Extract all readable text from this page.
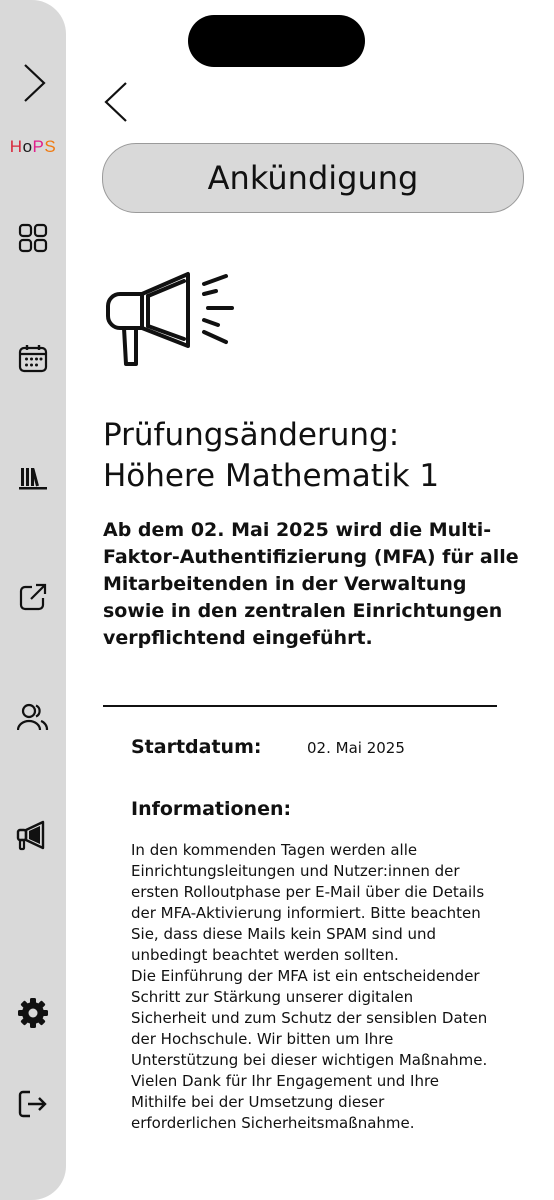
HoPS
Ankündigung
Prüfungsänderung:
Höhere Mathematik 1
Ab dem 02. Mai 2025 wird die Multi-Faktor-Authentifizierung (MFA) für alle Mitarbeitenden in der Verwaltung sowie in den zentralen Einrichtungen verpflichtend eingeführt.
Startdatum:	02. Mai 2025
Informationen:

In den kommenden Tagen werden alle Einrichtungsleitungen und Nutzer:innen der ersten Rolloutphase per E-Mail über die Details der MFA-Aktivierung informiert. Bitte beachten Sie, dass diese Mails kein SPAM sind und unbedingt beachtet werden sollten.

Die Einführung der MFA ist ein entscheidender Schritt zur Stärkung unserer digitalen Sicherheit und zum Schutz der sensiblen Daten der Hochschule. Wir bitten um Ihre Unterstützung bei dieser wichtigen Maßnahme.

Vielen Dank für Ihr Engagement und Ihre Mithilfe bei der Umsetzung dieser erforderlichen Sicherheitsmaßnahme.
